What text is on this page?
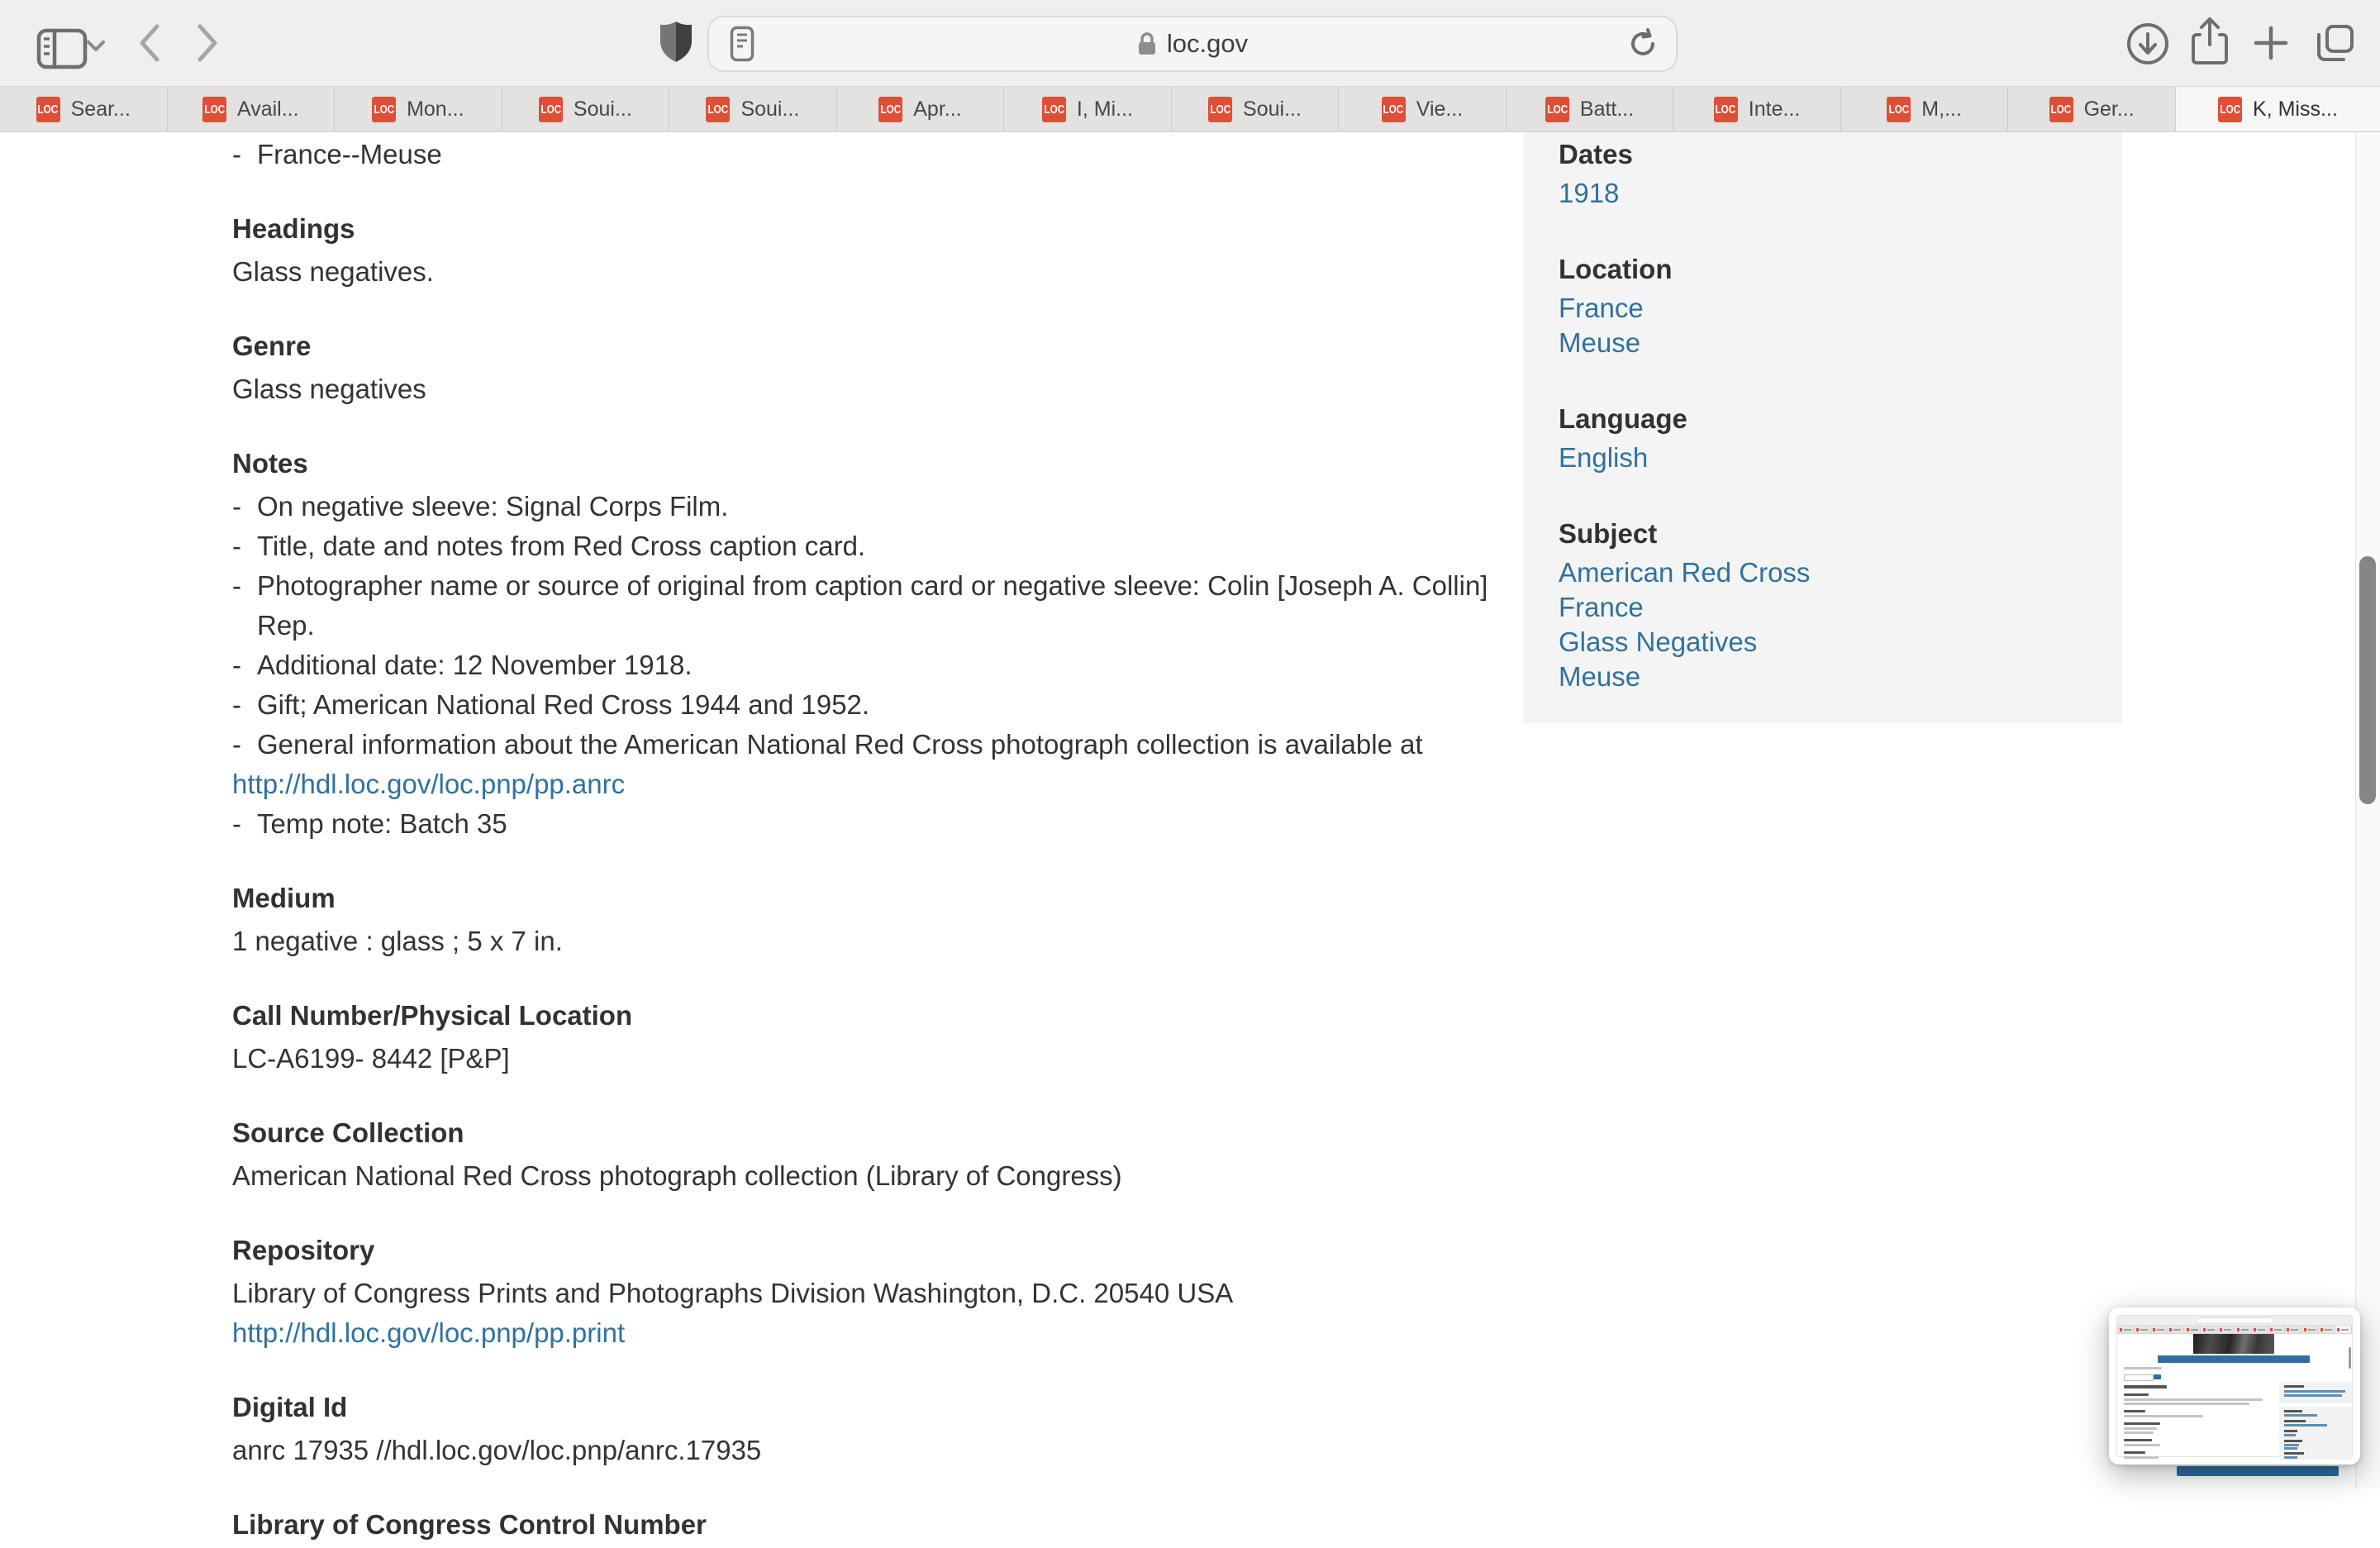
loc.gov
LOC Sear...	LOC Avail...	LOC Mon...	LOC Soui...	LOC Soui...	LOC Apr...	LOC I, Mi...	LOC Soui...	LOC Vie...	LOC Batt...	LOC Inte...	LOC M,...	LOC Ger...	LOC K, Miss...
- France--Meuse
Headings

Glass negatives.

Genre

Glass negatives

Notes
- On negative sleeve: Signal Corps Film.
- Title, date and notes from Red Cross caption card.
- Photographer name or source of original from caption card or negative sleeve: Colin [Joseph A. Collin] Rep.
- Additional date: 12 November 1918.
- Gift; American National Red Cross 1944 and 1952.
- General information about the American National Red Cross photograph collection is available at
http://hdl.loc.gov/loc.pnp/pp.anrc
- Temp note: Batch 35
Medium

1 negative : glass ; 5 x 7 in.

Call Number/Physical Location

LC-A6199- 8442 [P&P]

Source Collection

American National Red Cross photograph collection (Library of Congress)

Repository

Library of Congress Prints and Photographs Division Washington, D.C. 20540 USA

http://hdl.loc.gov/loc.pnp/pp.print
Digital Id

anrc 17935 //hdl.loc.gov/loc.pnp/anrc.17935

Library of Congress Control Number
Dates
1918
Location
France
Meuse
Language
English
Subject
American Red Cross
France
Glass Negatives
Meuse
